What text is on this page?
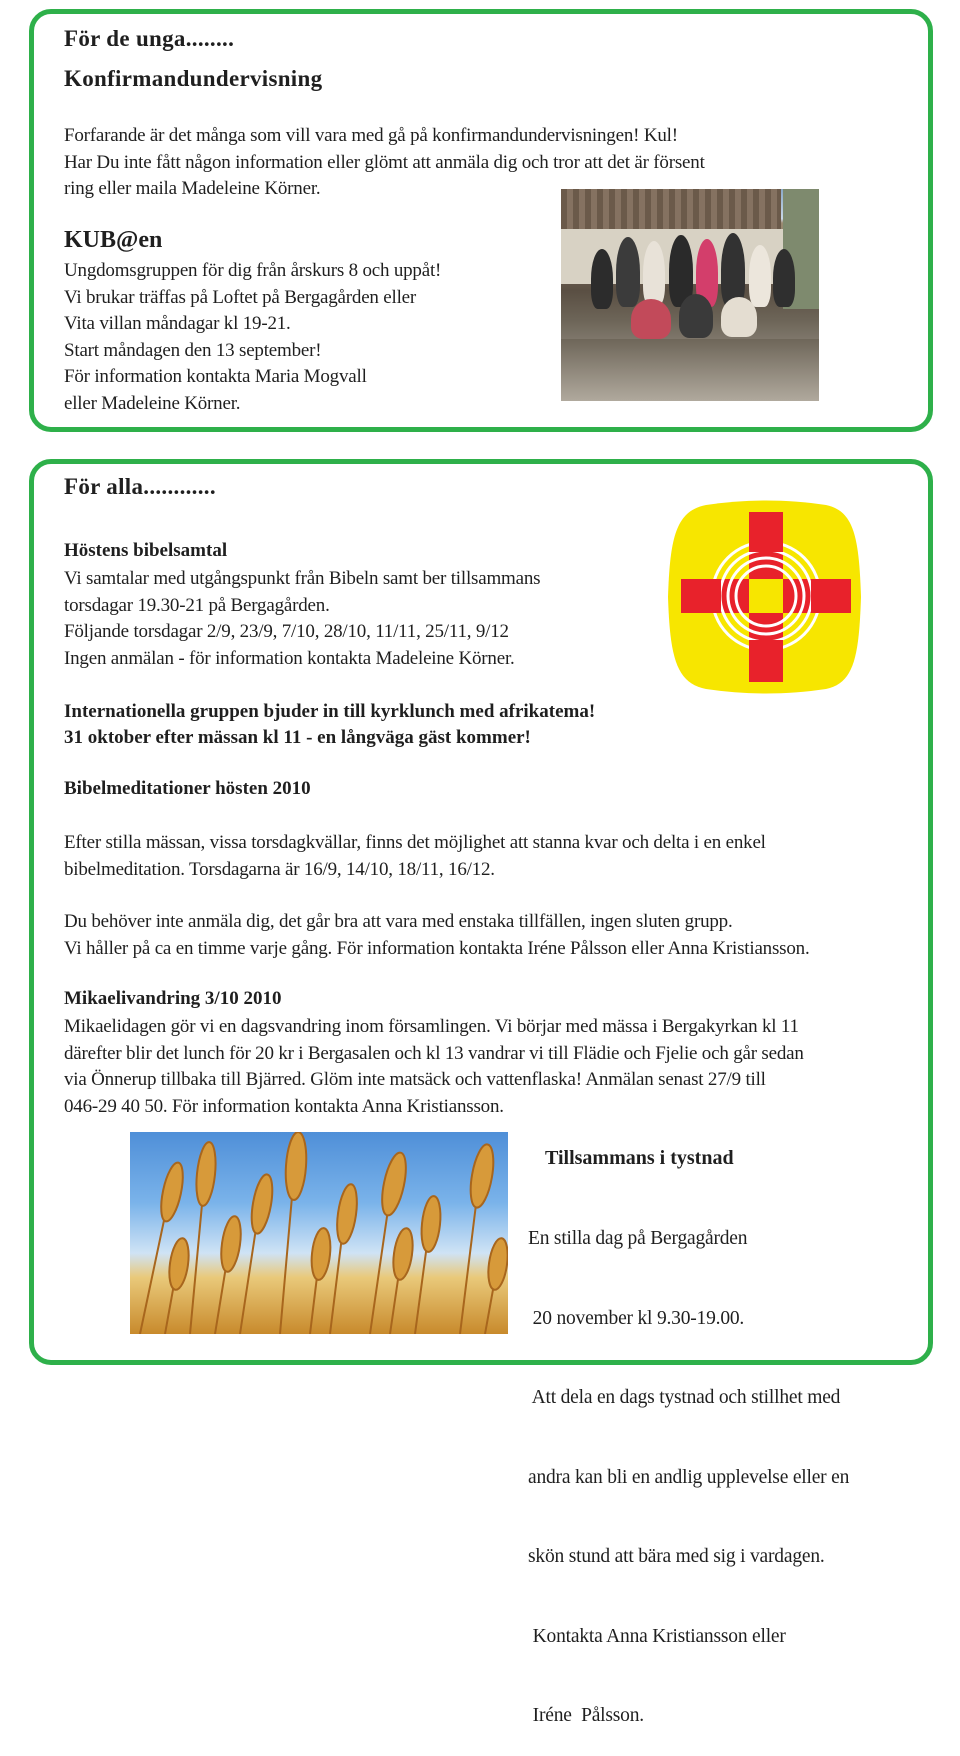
För de unga........
Konfirmandundervisning
Forfarande är det många som vill vara med gå på konfirmandundervisningen! Kul!
Har Du inte fått någon information eller glömt att anmäla dig och tror att det är försent
ring eller maila Madeleine Körner.
KUB@en
Ungdomsgruppen för dig från årskurs 8 och uppåt!
Vi brukar träffas på Loftet på Bergagården eller
Vita villan måndagar kl 19-21.
Start måndagen den 13 september!
För information kontakta Maria Mogvall
eller Madeleine Körner.
För alla............
Höstens bibelsamtal
Vi samtalar med utgångspunkt från Bibeln samt ber tillsammans
torsdagar 19.30-21 på Bergagården.
Följande torsdagar 2/9, 23/9, 7/10, 28/10, 11/11, 25/11, 9/12
Ingen anmälan - för information kontakta Madeleine Körner.
Internationella gruppen bjuder in till kyrklunch med afrikatema!
31 oktober efter mässan kl 11 - en långväga gäst kommer!
Bibelmeditationer hösten 2010
Efter stilla mässan, vissa torsdagkvällar, finns det möjlighet att stanna kvar och delta i en enkel
bibelmeditation. Torsdagarna är 16/9, 14/10, 18/11, 16/12.
Du behöver inte anmäla dig, det går bra att vara med enstaka tillfällen, ingen sluten grupp.
Vi håller på ca en timme varje gång. För information kontakta Iréne Pålsson eller Anna Kristiansson.
Mikaelivandring 3/10 2010
Mikaelidagen gör vi en dagsvandring inom församlingen. Vi börjar med mässa i Bergakyrkan kl 11
därefter blir det lunch för 20 kr i Bergasalen och kl 13 vandrar vi till Flädie och Fjelie och går sedan
via Önnerup tillbaka till Bjärred. Glöm inte matsäck och vattenflaska! Anmälan senast 27/9 till
046-29 40 50. För information kontakta Anna Kristiansson.
Tillsammans i tystnad

En stilla dag på Bergagården

20 november kl 9.30-19.00.

Att dela en dags tystnad och stillhet med

andra kan bli en andlig upplevelse eller en

skön stund att bära med sig i vardagen.

Kontakta Anna Kristiansson eller

Iréne  Pålsson.
